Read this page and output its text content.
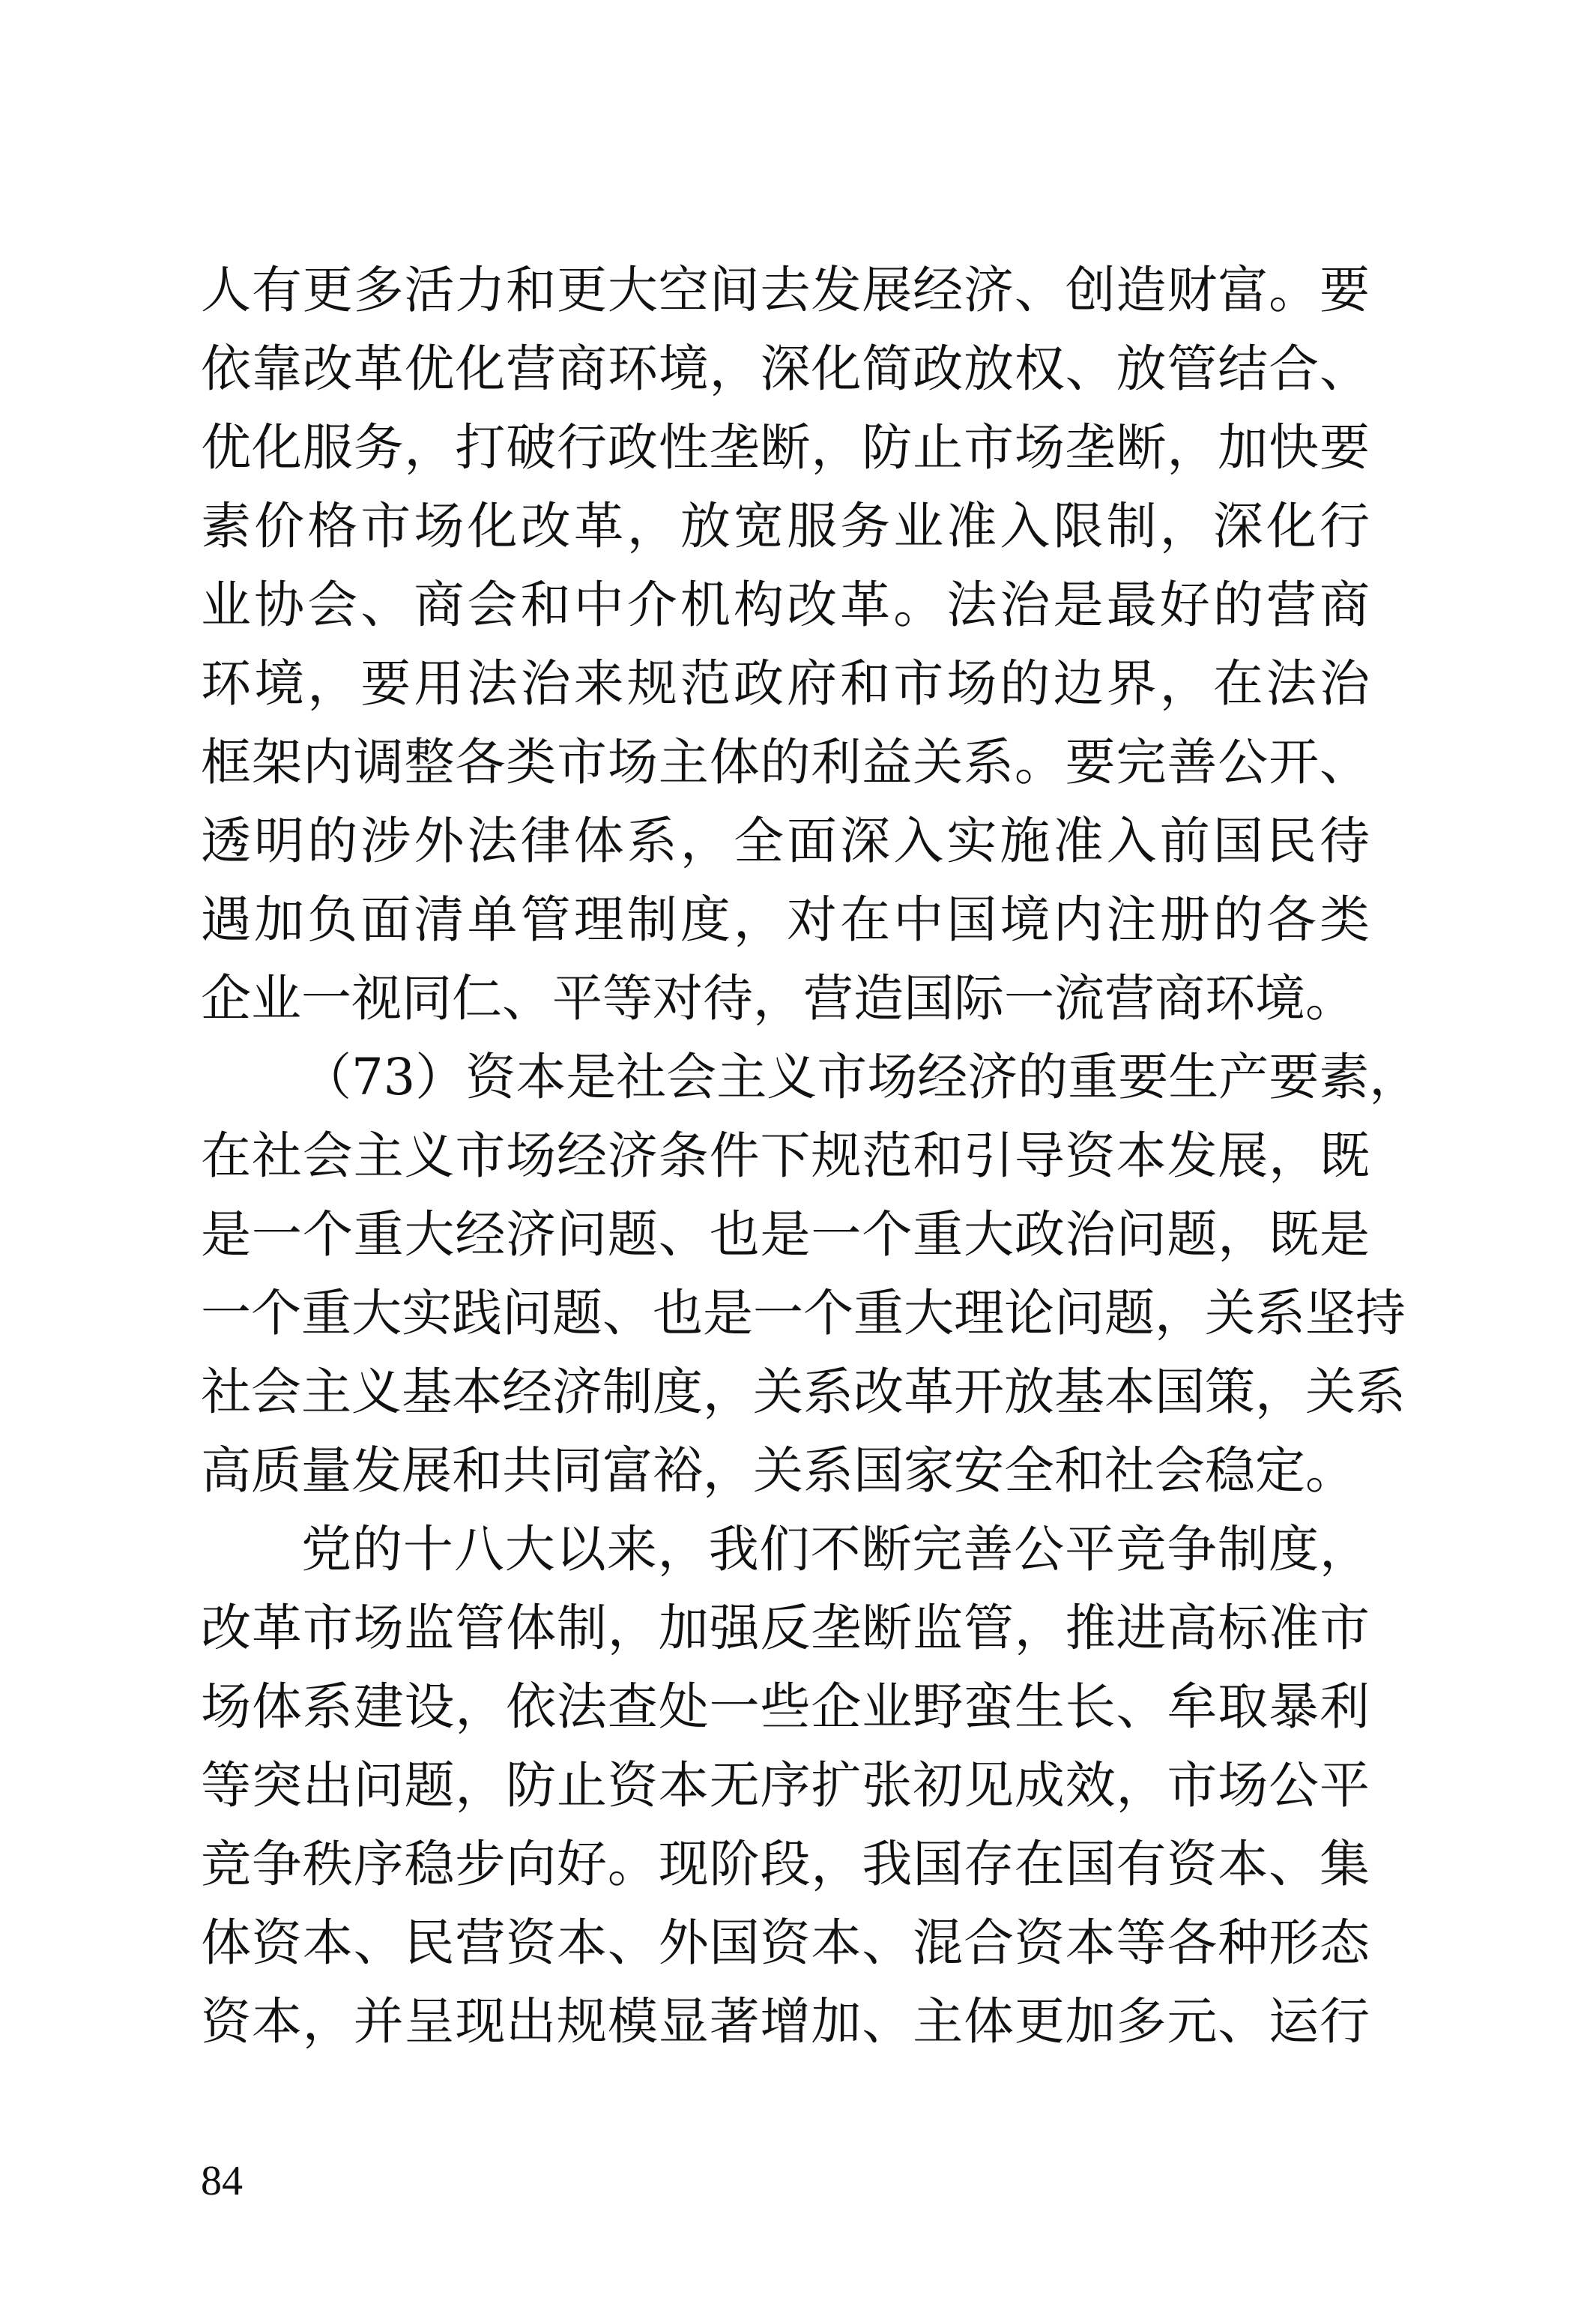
人有更多活力和更大空间去发展经济、创造财富。要
依靠改革优化营商环境，深化简政放权、放管结合、
优化服务，打破行政性垄断，防止市场垄断，加快要
素价格市场化改革，放宽服务业准入限制，深化行
业协会、商会和中介机构改革。法治是最好的营商
环境，要用法治来规范政府和市场的边界，在法治
框架内调整各类市场主体的利益关系。要完善公开、
透明的涉外法律体系，全面深入实施准入前国民待
遇加负面清单管理制度，对在中国境内注册的各类
企业一视同仁、平等对待，营造国际一流营商环境。
（73）资本是社会主义市场经济的重要生产要素，
在社会主义市场经济条件下规范和引导资本发展，既
是一个重大经济问题、也是一个重大政治问题，既是
一个重大实践问题、也是一个重大理论问题，关系坚持
社会主义基本经济制度，关系改革开放基本国策，关系
高质量发展和共同富裕，关系国家安全和社会稳定。
党的十八大以来，我们不断完善公平竞争制度，
改革市场监管体制，加强反垄断监管，推进高标准市
场体系建设，依法查处一些企业野蛮生长、牟取暴利
等突出问题，防止资本无序扩张初见成效，市场公平
竞争秩序稳步向好。现阶段，我国存在国有资本、集
体资本、民营资本、外国资本、混合资本等各种形态
资本，并呈现出规模显著增加、主体更加多元、运行
84
